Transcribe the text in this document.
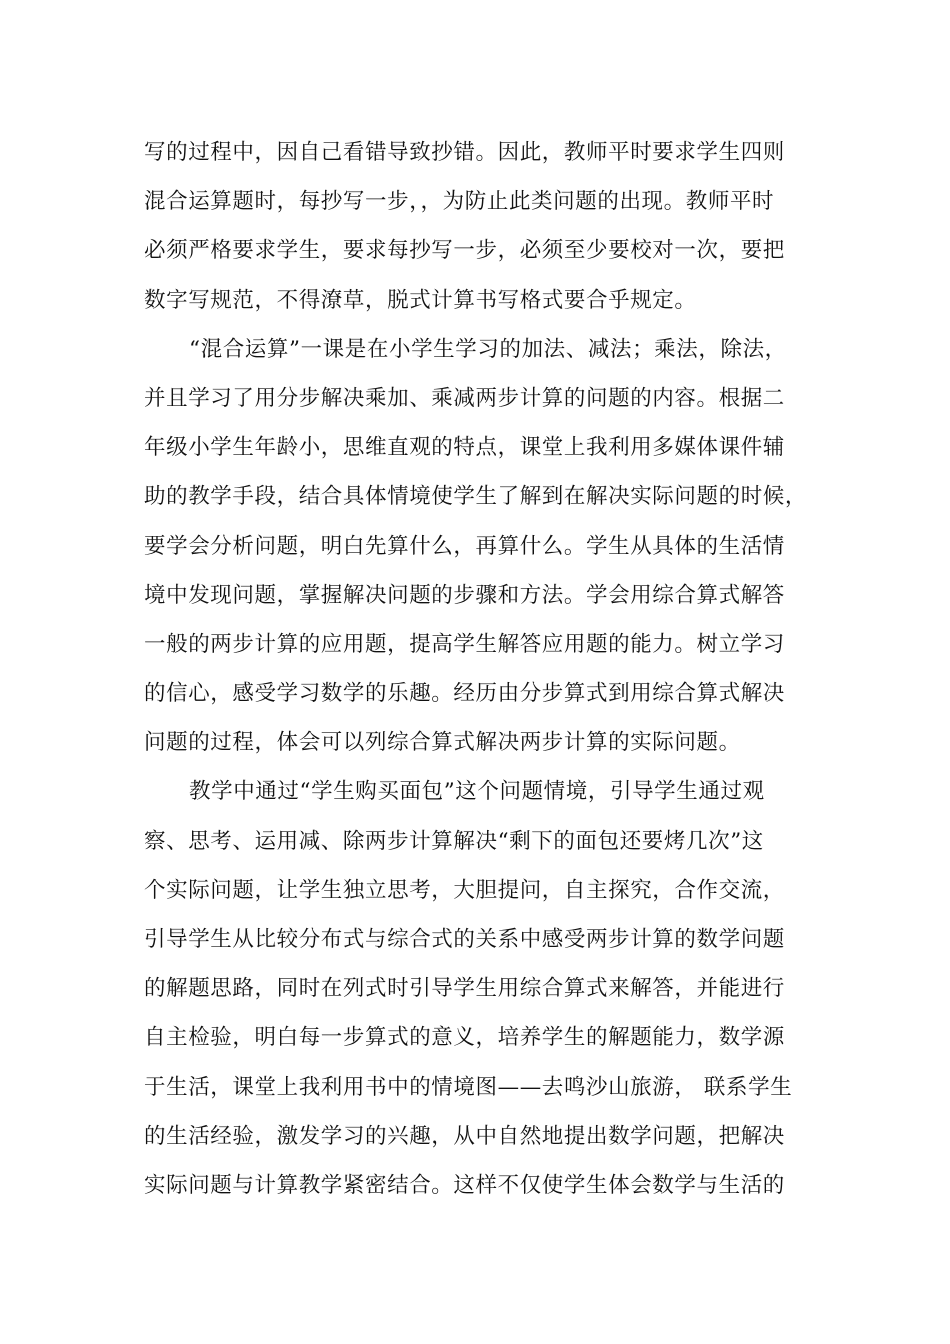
写的过程中，因自己看错导致抄错。因此，教师平时要求学生四则
混合运算题时，每抄写一步，，为防止此类问题的出现。教师平时
必须严格要求学生，要求每抄写一步，必须至少要校对一次，要把
数字写规范，不得潦草，脱式计算书写格式要合乎规定。
“混合运算”一课是在小学生学习的加法、减法；乘法，除法，
并且学习了用分步解决乘加、乘减两步计算的问题的内容。根据二
年级小学生年龄小，思维直观的特点，课堂上我利用多媒体课件辅
助的教学手段，结合具体情境使学生了解到在解决实际问题的时候，
要学会分析问题，明白先算什么，再算什么。学生从具体的生活情
境中发现问题，掌握解决问题的步骤和方法。学会用综合算式解答
一般的两步计算的应用题，提高学生解答应用题的能力。树立学习
的信心，感受学习数学的乐趣。经历由分步算式到用综合算式解决
问题的过程，体会可以列综合算式解决两步计算的实际问题。
教学中通过“学生购买面包”这个问题情境，引导学生通过观
察、思考、运用减、除两步计算解决“剩下的面包还要烤几次”这
个实际问题，让学生独立思考，大胆提问，自主探究，合作交流，
引导学生从比较分布式与综合式的关系中感受两步计算的数学问题
的解题思路，同时在列式时引导学生用综合算式来解答，并能进行
自主检验，明白每一步算式的意义，培养学生的解题能力，数学源
于生活，课堂上我利用书中的情境图——去鸣沙山旅游， 联系学生
的生活经验，激发学习的兴趣，从中自然地提出数学问题，把解决
实际问题与计算教学紧密结合。这样不仅使学生体会数学与生活的
